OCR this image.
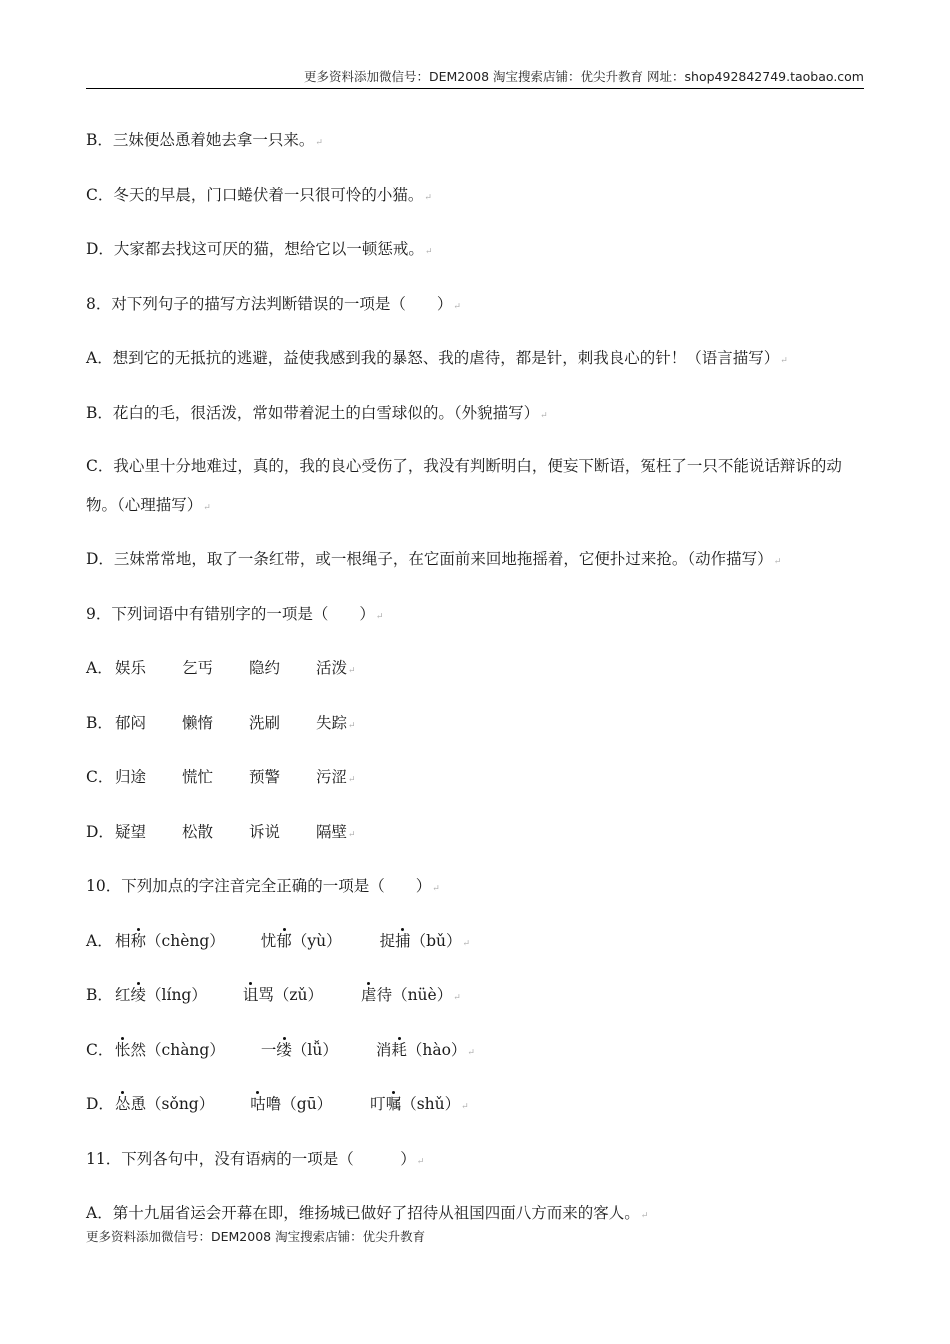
更多资料添加微信号：DEM2008 淘宝搜索店铺：优尖升教育 网址：shop492842749.taobao.com
B．三妹便怂恿着她去拿一只来。↵
C．冬天的早晨，门口蜷伏着一只很可怜的小猫。↵
D．大家都去找这可厌的猫，想给它以一顿惩戒。↵
8．对下列句子的描写方法判断错误的一项是（　　）↵
A．想到它的无抵抗的逃避，益使我感到我的暴怒、我的虐待，都是针，刺我良心的针！（语言描写）↵
B．花白的毛，很活泼，常如带着泥土的白雪球似的。（外貌描写）↵
C．我心里十分地难过，真的，我的良心受伤了，我没有判断明白，便妄下断语，冤枉了一只不能说话辩诉的动物。（心理描写）↵
D．三妹常常地，取了一条红带，或一根绳子，在它面前来回地拖摇着，它便扑过来抢。（动作描写）↵
9．下列词语中有错别字的一项是（　　）↵
A． 娱乐 乞丐 隐约 活泼↵
B． 郁闷 懒惰 洗刷 失踪↵
C． 归途 慌忙 预警 污涩↵
D．疑望 松散 诉说 隔壁↵
10．下列加点的字注音完全正确的一项是（　　）↵
A． 相称（chèng） 忧郁（yù） 捉捕（bǔ）↵
B． 红绫（líng） 诅骂（zǔ） 虐待（nüè）↵
C． 怅然（chàng） 一缕（lǚ） 消耗（hào）↵
D．怂恿（sǒng） 咕噜（gū） 叮嘱（shǔ）↵
11．下列各句中，没有语病的一项是（　　　）↵
A．第十九届省运会开幕在即，维扬城已做好了招待从祖国四面八方而来的客人。↵
更多资料添加微信号：DEM2008 淘宝搜索店铺：优尖升教育
